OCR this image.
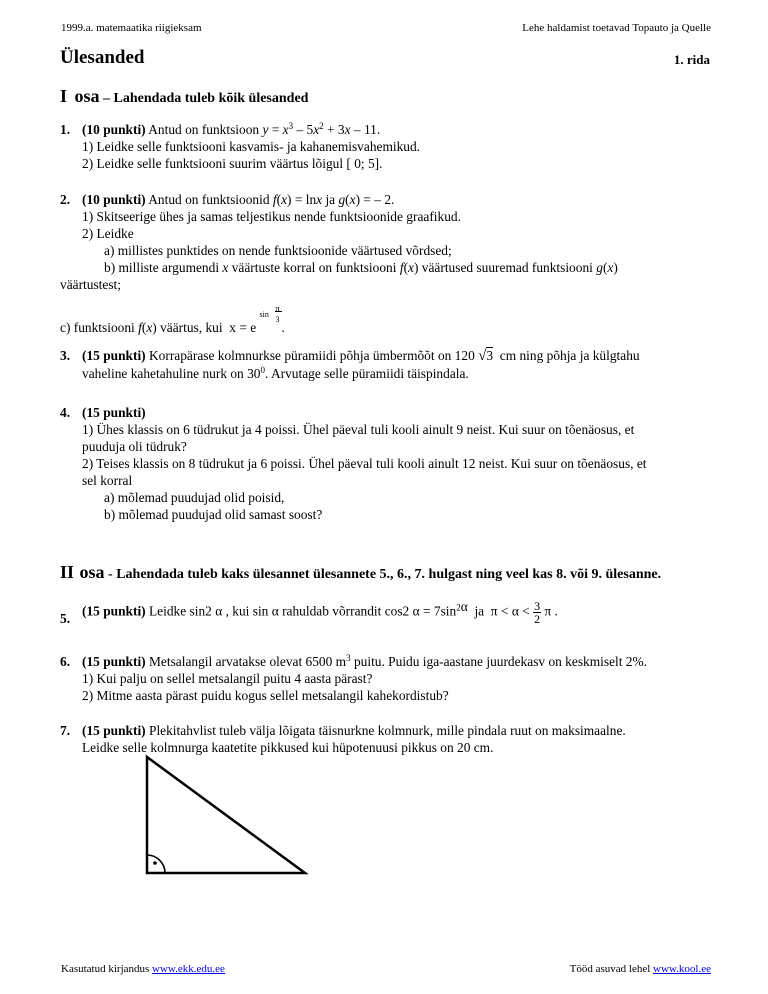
1999.a. matemaatika riigieksam	Lehe haldamist toetavad Topauto ja Quelle
Ülesanded	1. rida
I osa – Lahendada tuleb kõik ülesanded
1. (10 punkti) Antud on funktsioon $y = x^3 - 5x^2 + 3x - 11$.
1) Leidke selle funktsiooni kasvamis- ja kahanemisvahemikud.
2) Leidke selle funktsiooni suurim väärtus lõigul [ 0; 5].
2. (10 punkti) Antud on funktsioonid f(x) = lnx ja g(x) = – 2.
1) Skitseerige ühes ja samas teljestikus nende funktsioonide graafikud.
2) Leidke
a) millistes punktides on nende funktsioonide väärtused võrdsed;
b) milliste argumendi x väärtuste korral on funktsiooni f(x) väärtused suuremad funktsiooni g(x)
väärtustest;
c) funktsiooni f(x) väärtus, kui  x = e
sin
π
3
.
3. (15 punkti) Korrapärase kolmnurkse püramiidi põhja ümbermõõt on 120 √3 cm ning põhja ja külgtahu
vaheline kahetahuline nurk on $30^0$. Arvutage selle püramiidi täispindala.
4. (15 punkti)
1) Ühes klassis on 6 tüdrukut ja 4 poissi. Ühel päeval tuli kooli ainult 9 neist. Kui suur on tõenäosus, et
puuduja oli tüdruk?
2) Teises klassis on 8 tüdrukut ja 6 poissi. Ühel päeval tuli kooli ainult 12 neist. Kui suur on tõenäosus, et
sel korral
a) mõlemad puudujad olid poisid,
b) mõlemad puudujad olid samast soost?
II osa - Lahendada tuleb kaks ülesannet ülesannete 5., 6., 7. hulgast ning veel kas 8. või 9. ülesanne.
5. (15 punkti) Leidke sin2 α , kui sin α rahuldab võrrandit cos2 $\alpha = 7\sin^2\alpha$ ja  $\pi < \alpha < \frac{3}{2}$ π .
6. (15 punkti) Metsalangil arvatakse olevat 6500 $m^3$ puitu. Puidu iga-aastane juurdekasv on keskmiselt 2%.
1) Kui palju on sellel metsalangil puitu 4 aasta pärast?
2) Mitme aasta pärast puidu kogus sellel metsalangil kahekordistub?
7. (15 punkti) Plekitahvlist tuleb välja lõigata täisnurkne kolmnurk, mille pindala ruut on maksimaalne.
Leidke selle kolmnurga kaatetite pikkused kui hüpotenuusi pikkus on 20 cm.
Kasutatud kirjandus www.ekk.edu.ee	Tööd asuvad lehel www.kool.ee
